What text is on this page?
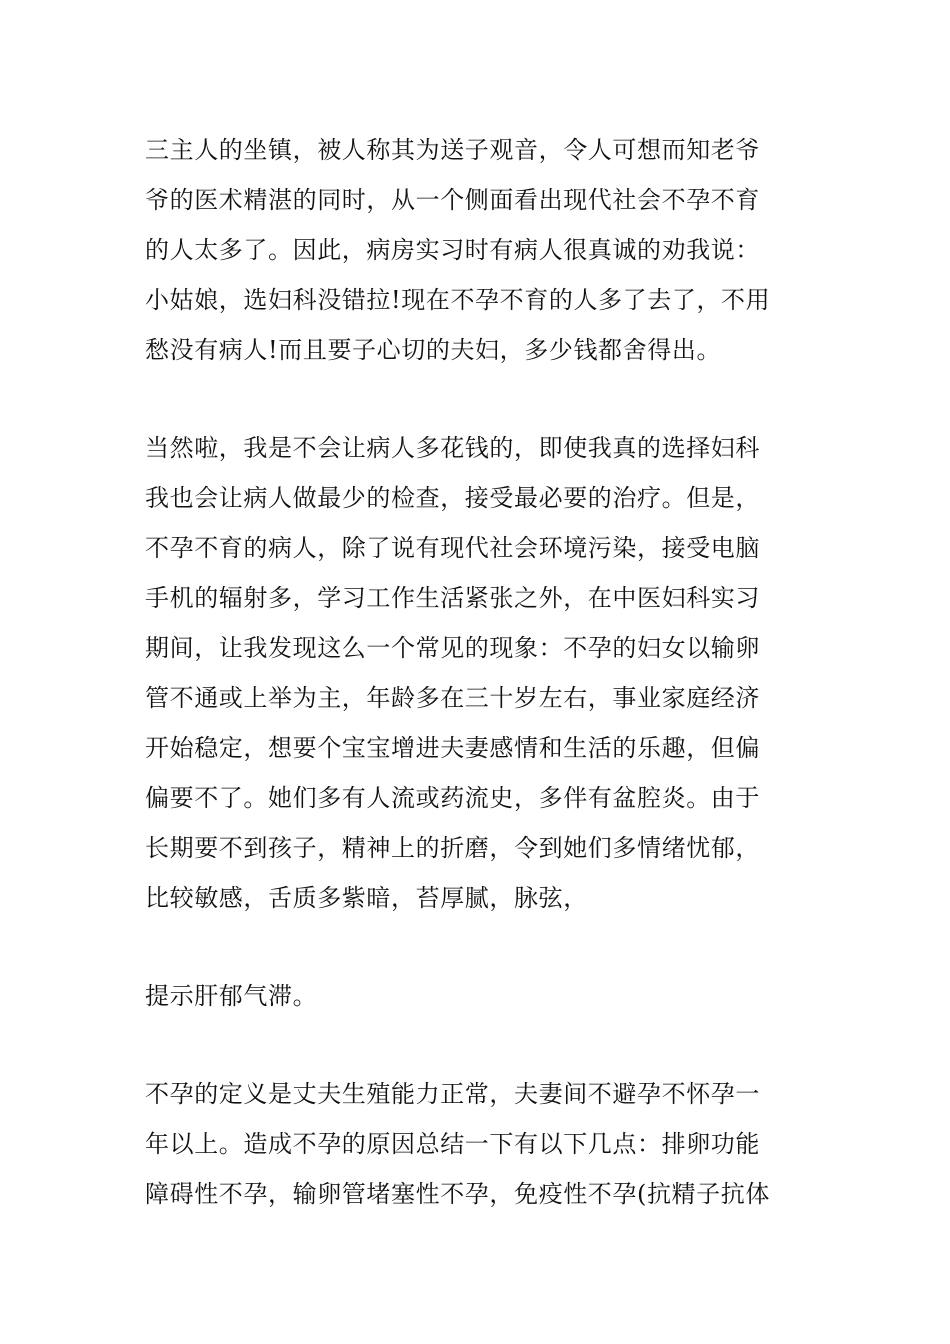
三主人的坐镇，被人称其为送子观音，令人可想而知老爷
爷的医术精湛的同时，从一个侧面看出现代社会不孕不育
的人太多了。因此，病房实习时有病人很真诚的劝我说：
小姑娘，选妇科没错拉!现在不孕不育的人多了去了，不用
愁没有病人!而且要子心切的夫妇，多少钱都舍得出。
当然啦，我是不会让病人多花钱的，即使我真的选择妇科
我也会让病人做最少的检查，接受最必要的治疗。但是，
不孕不育的病人，除了说有现代社会环境污染，接受电脑
手机的辐射多，学习工作生活紧张之外，在中医妇科实习
期间，让我发现这么一个常见的现象：不孕的妇女以输卵
管不通或上举为主，年龄多在三十岁左右，事业家庭经济
开始稳定，想要个宝宝增进夫妻感情和生活的乐趣，但偏
偏要不了。她们多有人流或药流史，多伴有盆腔炎。由于
长期要不到孩子，精神上的折磨，令到她们多情绪忧郁，
比较敏感，舌质多紫暗，苔厚腻，脉弦，
提示肝郁气滞。
不孕的定义是丈夫生殖能力正常，夫妻间不避孕不怀孕一
年以上。造成不孕的原因总结一下有以下几点：排卵功能
障碍性不孕，输卵管堵塞性不孕，免疫性不孕(抗精子抗体
